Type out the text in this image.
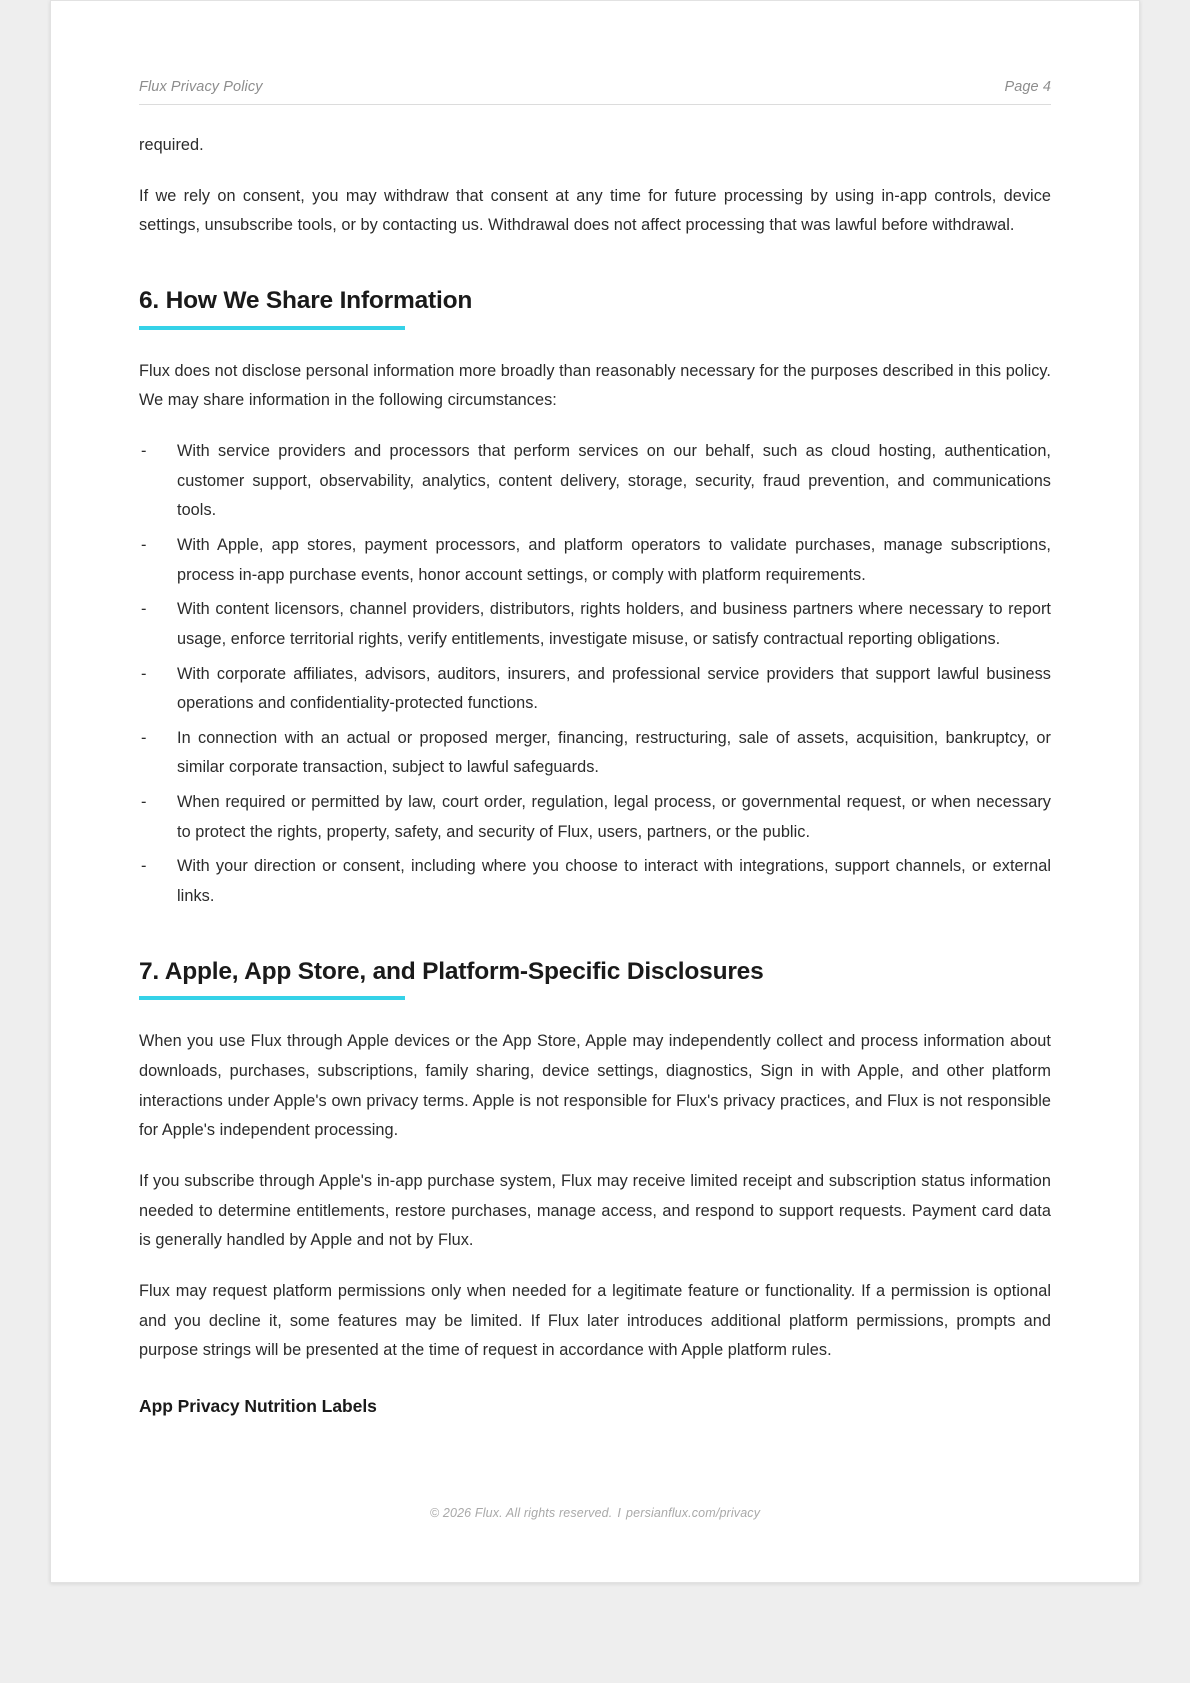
Flux Privacy Policy	Page 4

required.

If we rely on consent, you may withdraw that consent at any time for future processing by using in-app controls, device settings, unsubscribe tools, or by contacting us. Withdrawal does not affect processing that was lawful before withdrawal.

6. How We Share Information

Flux does not disclose personal information more broadly than reasonably necessary for the purposes described in this policy. We may share information in the following circumstances:

- With service providers and processors that perform services on our behalf, such as cloud hosting, authentication, customer support, observability, analytics, content delivery, storage, security, fraud prevention, and communications tools.
- With Apple, app stores, payment processors, and platform operators to validate purchases, manage subscriptions, process in-app purchase events, honor account settings, or comply with platform requirements.
- With content licensors, channel providers, distributors, rights holders, and business partners where necessary to report usage, enforce territorial rights, verify entitlements, investigate misuse, or satisfy contractual reporting obligations.
- With corporate affiliates, advisors, auditors, insurers, and professional service providers that support lawful business operations and confidentiality-protected functions.
- In connection with an actual or proposed merger, financing, restructuring, sale of assets, acquisition, bankruptcy, or similar corporate transaction, subject to lawful safeguards.
- When required or permitted by law, court order, regulation, legal process, or governmental request, or when necessary to protect the rights, property, safety, and security of Flux, users, partners, or the public.
- With your direction or consent, including where you choose to interact with integrations, support channels, or external links.
7. Apple, App Store, and Platform-Specific Disclosures

When you use Flux through Apple devices or the App Store, Apple may independently collect and process information about downloads, purchases, subscriptions, family sharing, device settings, diagnostics, Sign in with Apple, and other platform interactions under Apple's own privacy terms. Apple is not responsible for Flux's privacy practices, and Flux is not responsible for Apple's independent processing.

If you subscribe through Apple's in-app purchase system, Flux may receive limited receipt and subscription status information needed to determine entitlements, restore purchases, manage access, and respond to support requests. Payment card data is generally handled by Apple and not by Flux.

Flux may request platform permissions only when needed for a legitimate feature or functionality. If a permission is optional and you decline it, some features may be limited. If Flux later introduces additional platform permissions, prompts and purpose strings will be presented at the time of request in accordance with Apple platform rules.

App Privacy Nutrition Labels
© 2026 Flux. All rights reserved. I persianflux.com/privacy
